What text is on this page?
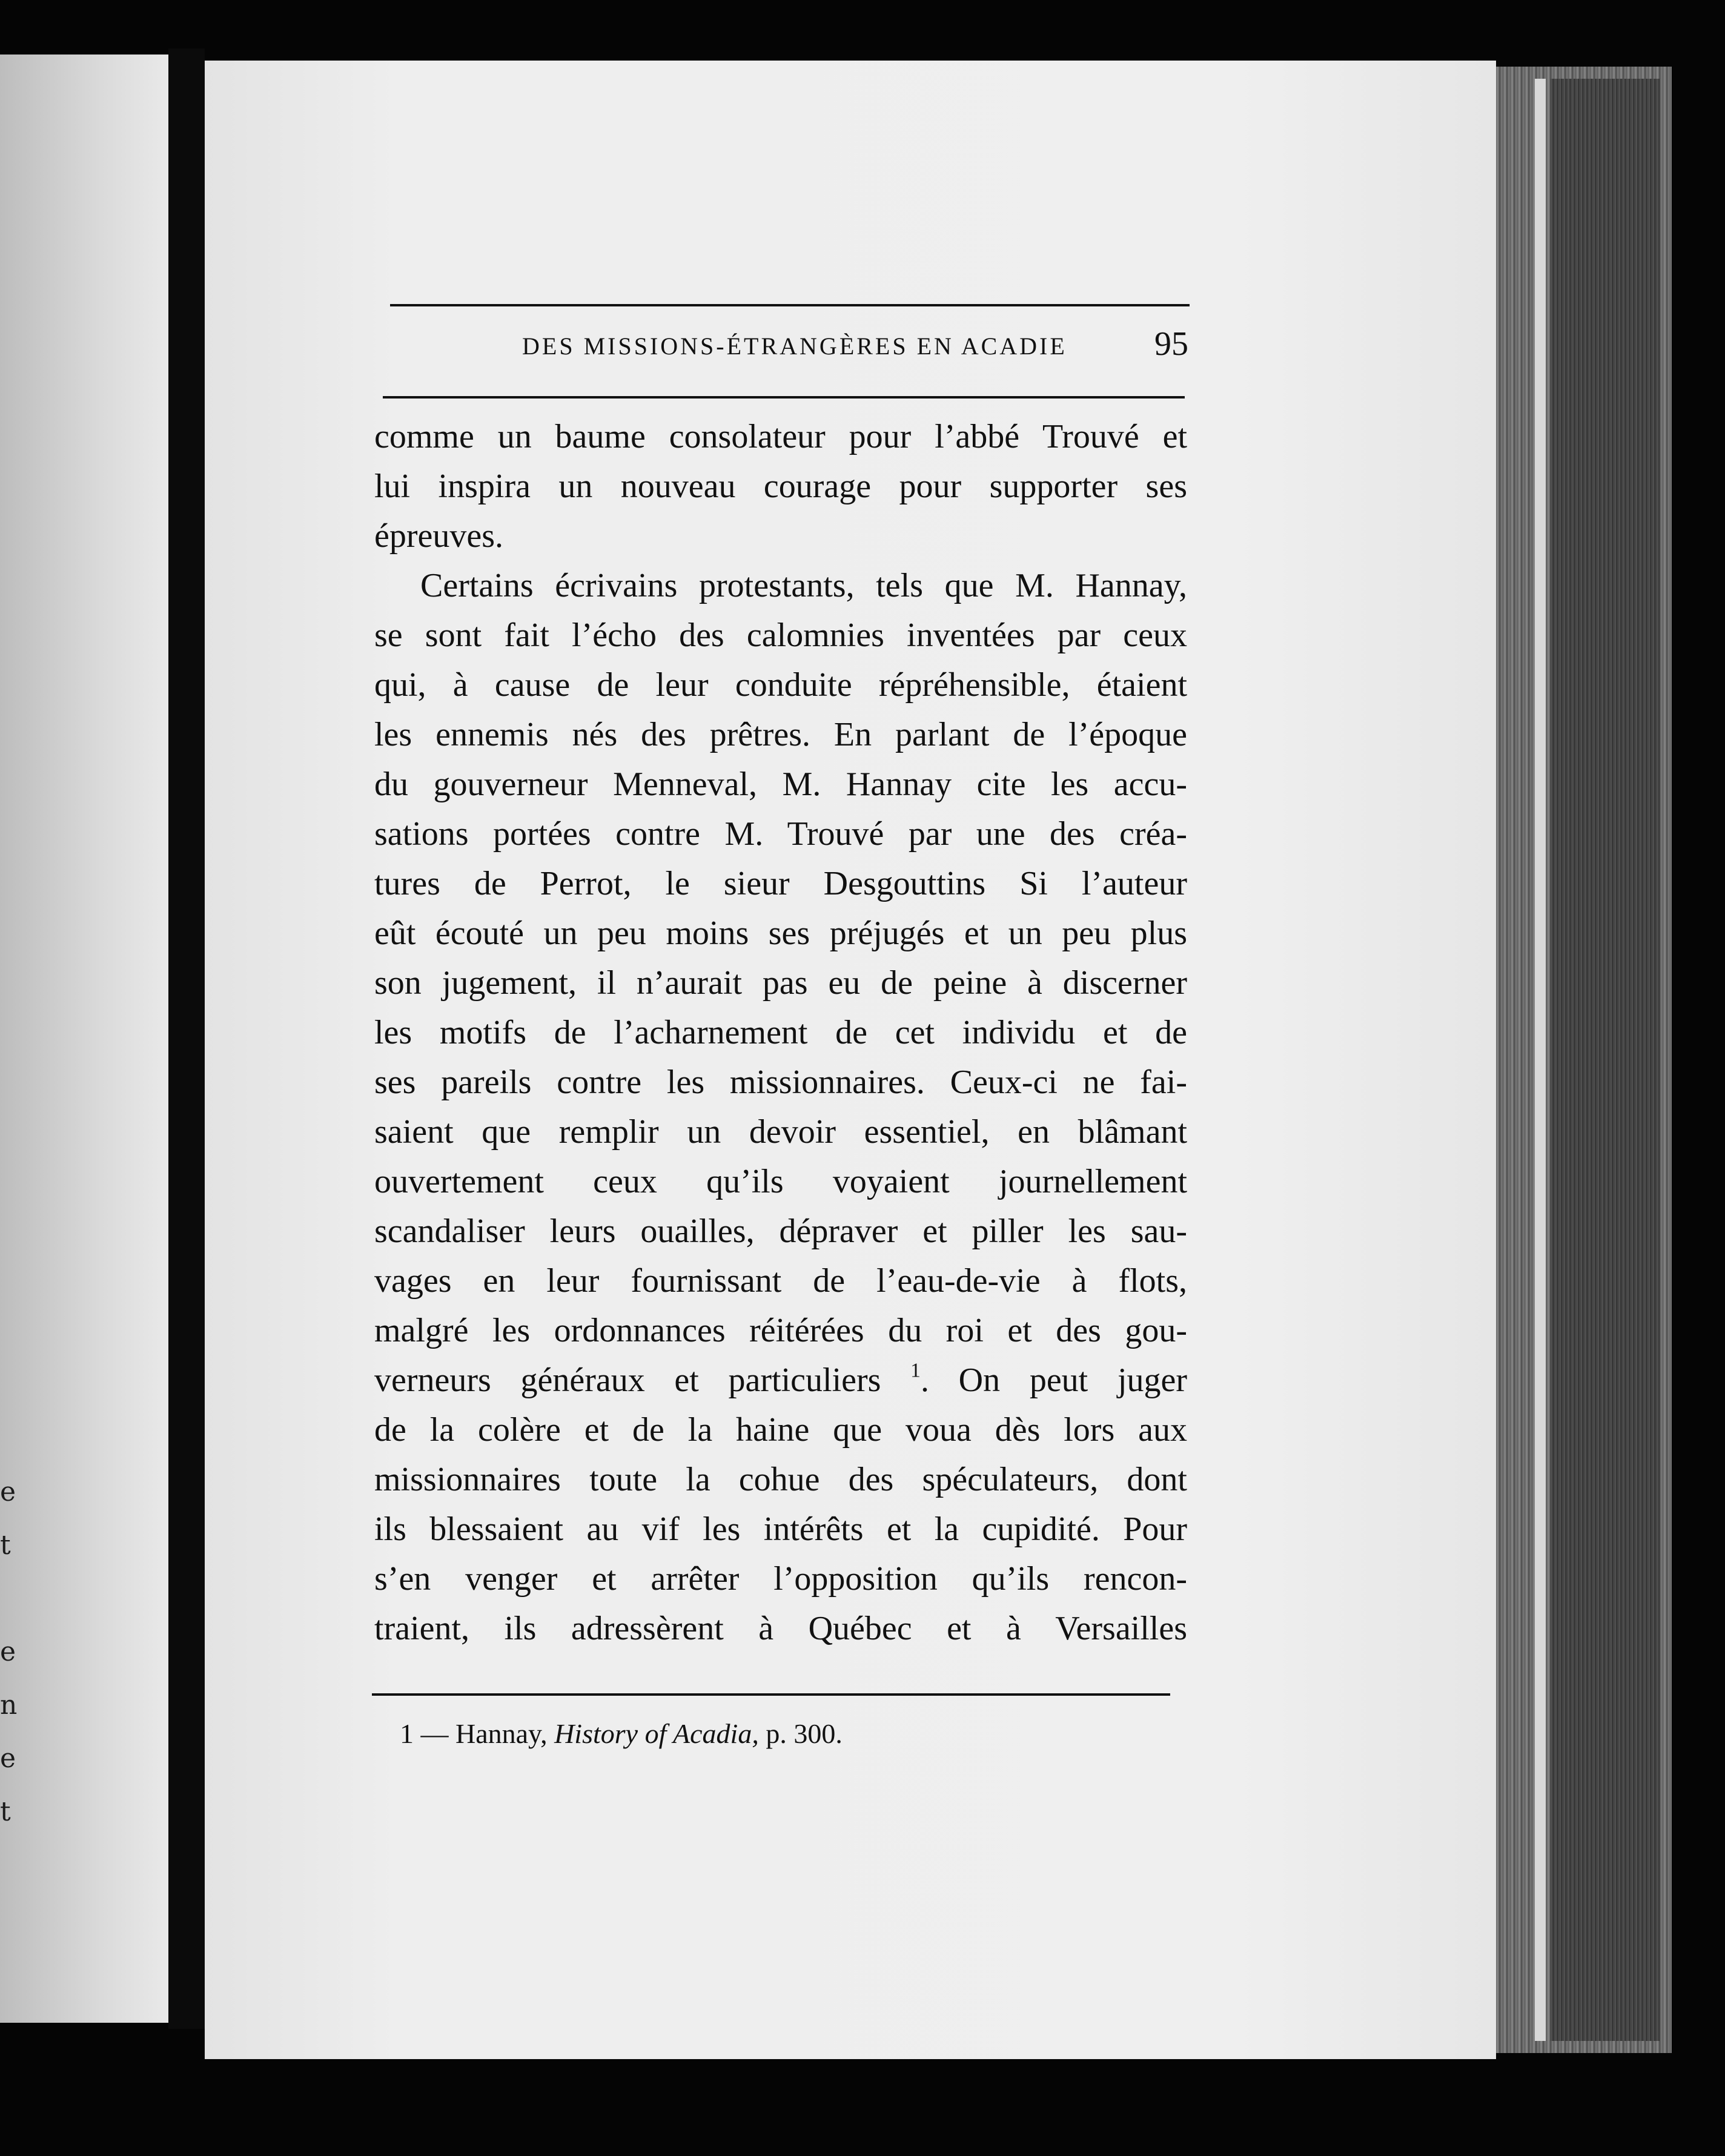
e
t
e
n
e
t
DES MISSIONS-ÉTRANGÈRES EN ACADIE	95
comme un baume consolateur pour l’abbé Trouvé et
lui inspira un nouveau courage pour supporter ses
épreuves.
Certains écrivains protestants, tels que M. Hannay,
se sont fait l’écho des calomnies inventées par ceux
qui, à cause de leur conduite répréhensible, étaient
les ennemis nés des prêtres. En parlant de l’époque
du gouverneur Menneval, M. Hannay cite les accu-
sations portées contre M. Trouvé par une des créa-
tures de Perrot, le sieur Desgouttins Si l’auteur
eût écouté un peu moins ses préjugés et un peu plus
son jugement, il n’aurait pas eu de peine à discerner
les motifs de l’acharnement de cet individu et de
ses pareils contre les missionnaires. Ceux-ci ne fai-
saient que remplir un devoir essentiel, en blâmant
ouvertement ceux qu’ils voyaient journellement
scandaliser leurs ouailles, dépraver et piller les sau-
vages en leur fournissant de l’eau-de-vie à flots,
malgré les ordonnances réitérées du roi et des gou-
verneurs généraux et particuliers $^1$. On peut juger
de la colère et de la haine que voua dès lors aux
missionnaires toute la cohue des spéculateurs, dont
ils blessaient au vif les intérêts et la cupidité. Pour
s’en venger et arrêter l’opposition qu’ils rencon-
traient, ils adressèrent à Québec et à Versailles
1 — Hannay, History of Acadia, p. 300.
